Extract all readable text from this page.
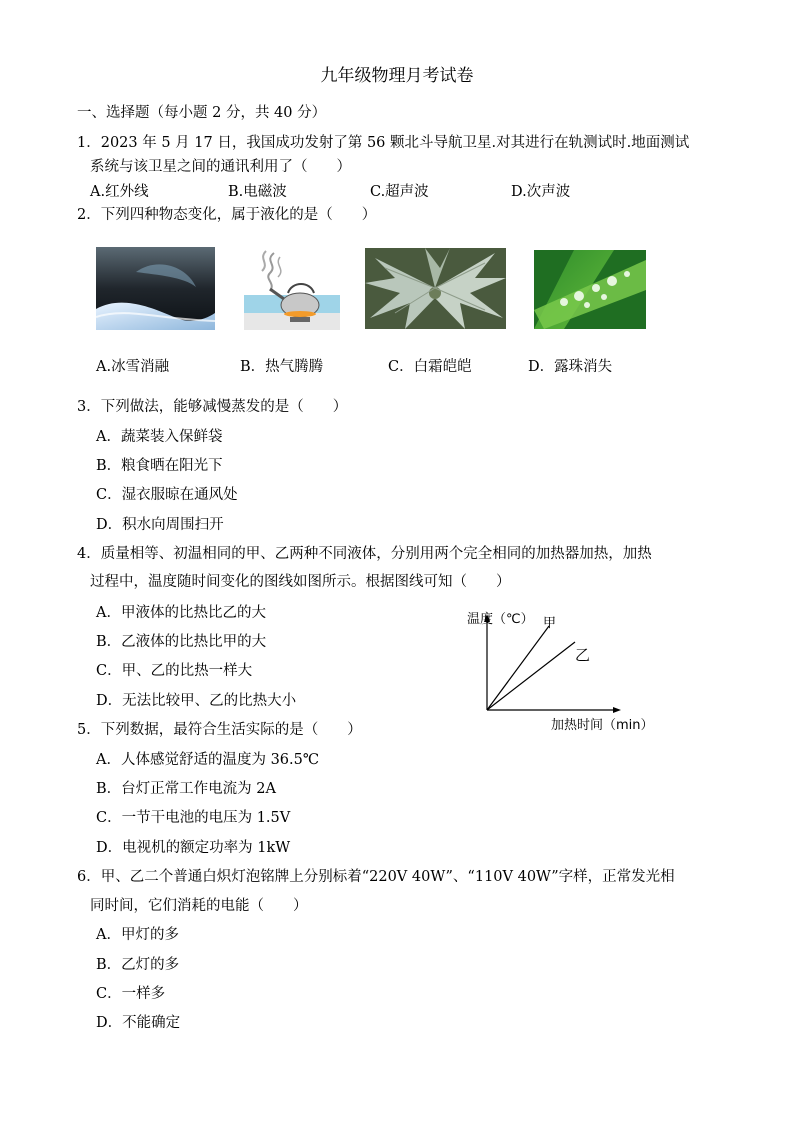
九年级物理月考试卷
一、选择题（每小题 2 分，共 40 分）
1．2023 年 5 月 17 日，我国成功发射了第 56 颗北斗导航卫星.对其进行在轨测试时.地面测试
系统与该卫星之间的通讯利用了（　　）
A.红外线	B.电磁波	C.超声波	D.次声波
2．下列四种物态变化，属于液化的是（　　）
A.冰雪消融	B．热气腾腾	C．白霜皑皑	D．露珠消失
3．下列做法，能够减慢蒸发的是（　　）
A．蔬菜装入保鲜袋
B．粮食晒在阳光下
C．湿衣服晾在通风处
D．积水向周围扫开
4．质量相等、初温相同的甲、乙两种不同液体，分别用两个完全相同的加热器加热，加热
过程中，温度随时间变化的图线如图所示。根据图线可知（　　）
A．甲液体的比热比乙的大
B．乙液体的比热比甲的大
C．甲、乙的比热一样大
D．无法比较甲、乙的比热大小
温度（℃） 甲
乙
加热时间（min）
5．下列数据，最符合生活实际的是（　　）
A．人体感觉舒适的温度为 36.5℃
B．台灯正常工作电流为 2A
C．一节干电池的电压为 1.5V
D．电视机的额定功率为 1kW
6．甲、乙二个普通白炽灯泡铭牌上分别标着“220V 40W”、“110V 40W”字样，正常发光相
同时间，它们消耗的电能（　　）
A．甲灯的多
B．乙灯的多
C．一样多
D．不能确定
